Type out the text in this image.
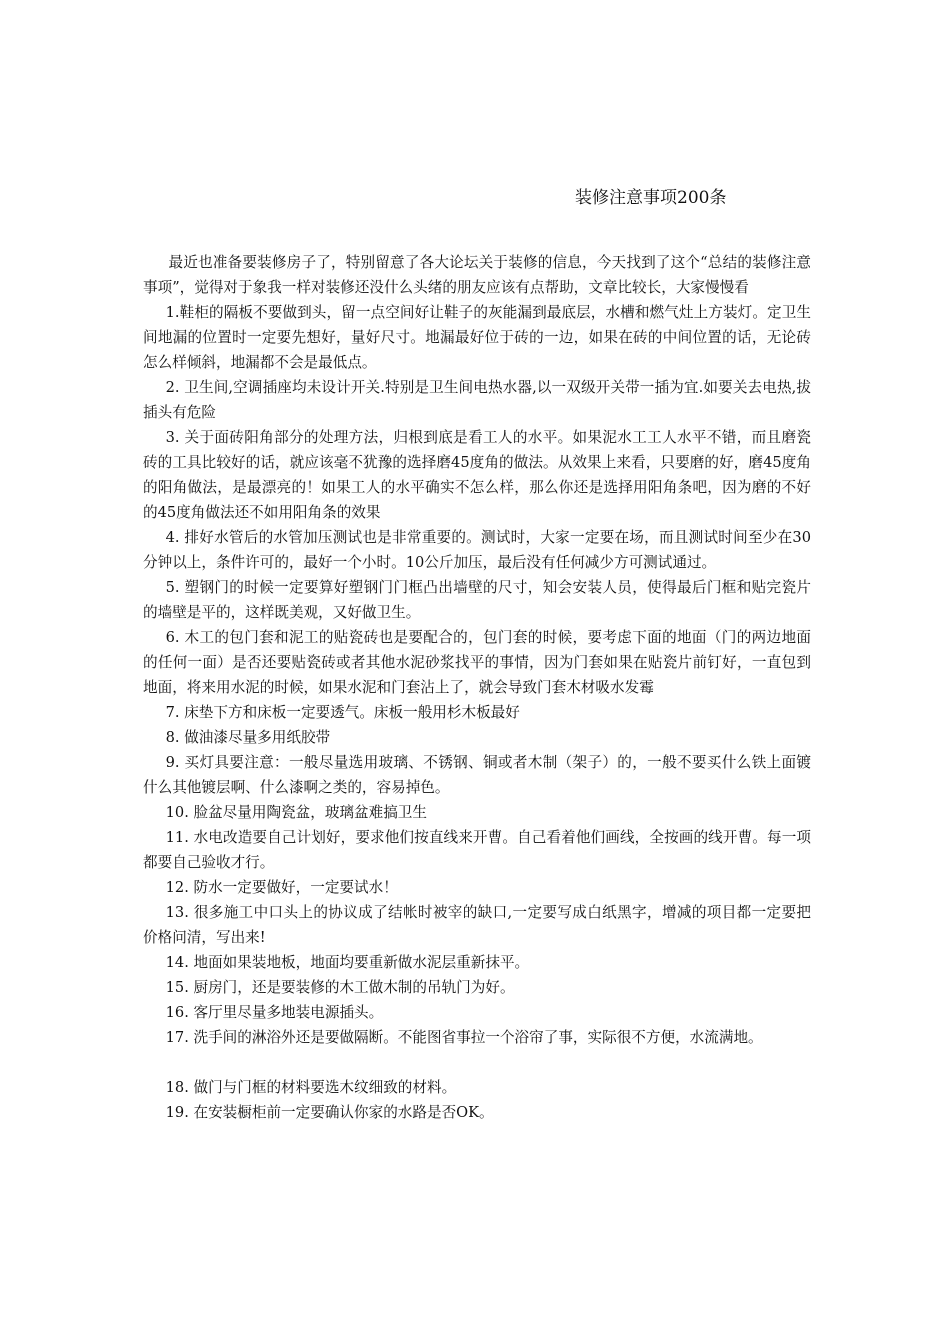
装修注意事项200条

最近也准备要装修房子了，特别留意了各大论坛关于装修的信息，今天找到了这个“总结的装修注意事项”，觉得对于象我一样对装修还没什么头绪的朋友应该有点帮助，文章比较长，大家慢慢看

1.鞋柜的隔板不要做到头，留一点空间好让鞋子的灰能漏到最底层，水槽和燃气灶上方装灯。定卫生间地漏的位置时一定要先想好，量好尺寸。地漏最好位于砖的一边，如果在砖的中间位置的话，无论砖怎么样倾斜，地漏都不会是最低点。

2. 卫生间,空调插座均未设计开关.特别是卫生间电热水器,以一双级开关带一插为宜.如要关去电热,拔插头有危险

3. 关于面砖阳角部分的处理方法，归根到底是看工人的水平。如果泥水工工人水平不错，而且磨瓷砖的工具比较好的话，就应该毫不犹豫的选择磨45度角的做法。从效果上来看，只要磨的好，磨45度角的阳角做法，是最漂亮的！如果工人的水平确实不怎么样，那么你还是选择用阳角条吧，因为磨的不好的45度角做法还不如用阳角条的效果

4. 排好水管后的水管加压测试也是非常重要的。测试时，大家一定要在场，而且测试时间至少在30分钟以上，条件许可的，最好一个小时。10公斤加压，最后没有任何减少方可测试通过。

5. 塑钢门的时候一定要算好塑钢门门框凸出墙壁的尺寸，知会安装人员，使得最后门框和贴完瓷片的墙壁是平的，这样既美观，又好做卫生。

6. 木工的包门套和泥工的贴瓷砖也是要配合的，包门套的时候，要考虑下面的地面（门的两边地面的任何一面）是否还要贴瓷砖或者其他水泥砂浆找平的事情，因为门套如果在贴瓷片前钉好，一直包到地面，将来用水泥的时候，如果水泥和门套沾上了，就会导致门套木材吸水发霉

7. 床垫下方和床板一定要透气。床板一般用杉木板最好

8. 做油漆尽量多用纸胶带

9. 买灯具要注意：一般尽量选用玻璃、不锈钢、铜或者木制（架子）的，一般不要买什么铁上面镀什么其他镀层啊、什么漆啊之类的，容易掉色。

10. 脸盆尽量用陶瓷盆，玻璃盆难搞卫生

11. 水电改造要自己计划好，要求他们按直线来开曹。自己看着他们画线，全按画的线开曹。每一项都要自己验收才行。

12. 防水一定要做好，一定要试水！

13. 很多施工中口头上的协议成了结帐时被宰的缺口,一定要写成白纸黑字，增减的项目都一定要把价格问清，写出来!

14. 地面如果装地板，地面均要重新做水泥层重新抹平。

15. 厨房门，还是要装修的木工做木制的吊轨门为好。

16. 客厅里尽量多地装电源插头。

17. 洗手间的淋浴外还是要做隔断。不能图省事拉一个浴帘了事，实际很不方便，水流满地。

18. 做门与门框的材料要选木纹细致的材料。

19. 在安装橱柜前一定要确认你家的水路是否OK。
